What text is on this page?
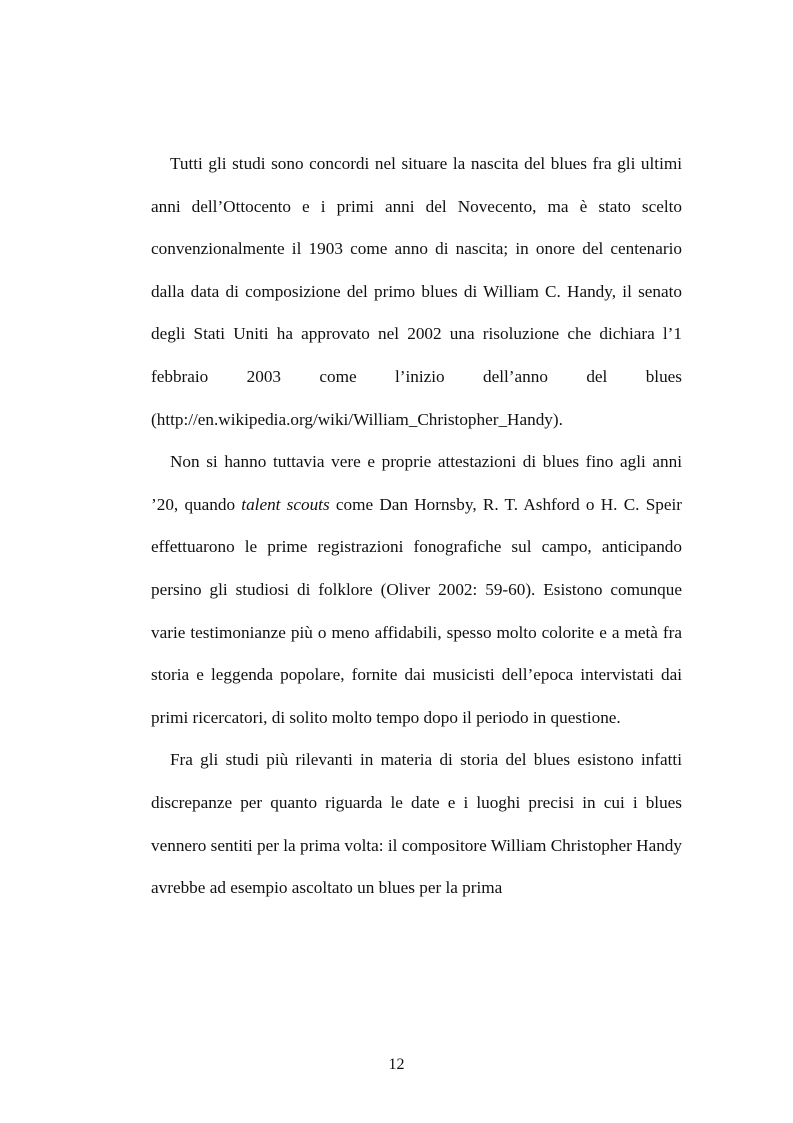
Tutti gli studi sono concordi nel situare la nascita del blues fra gli ultimi anni dell’Ottocento e i primi anni del Novecento, ma è stato scelto convenzionalmente il 1903 come anno di nascita; in onore del centenario dalla data di composizione del primo blues di William C. Handy, il senato degli Stati Uniti ha approvato nel 2002 una risoluzione che dichiara l’1 febbraio 2003 come l’inizio dell’anno del blues (http://en.wikipedia.org/wiki/William_Christopher_Handy).

Non si hanno tuttavia vere e proprie attestazioni di blues fino agli anni ’20, quando talent scouts come Dan Hornsby, R. T. Ashford o H. C. Speir effettuarono le prime registrazioni fonografiche sul campo, anticipando persino gli studiosi di folklore (Oliver 2002: 59-60). Esistono comunque varie testimonianze più o meno affidabili, spesso molto colorite e a metà fra storia e leggenda popolare, fornite dai musicisti dell’epoca intervistati dai primi ricercatori, di solito molto tempo dopo il periodo in questione.

Fra gli studi più rilevanti in materia di storia del blues esistono infatti discrepanze per quanto riguarda le date e i luoghi precisi in cui i blues vennero sentiti per la prima volta: il compositore William Christopher Handy avrebbe ad esempio ascoltato un blues per la prima

12
